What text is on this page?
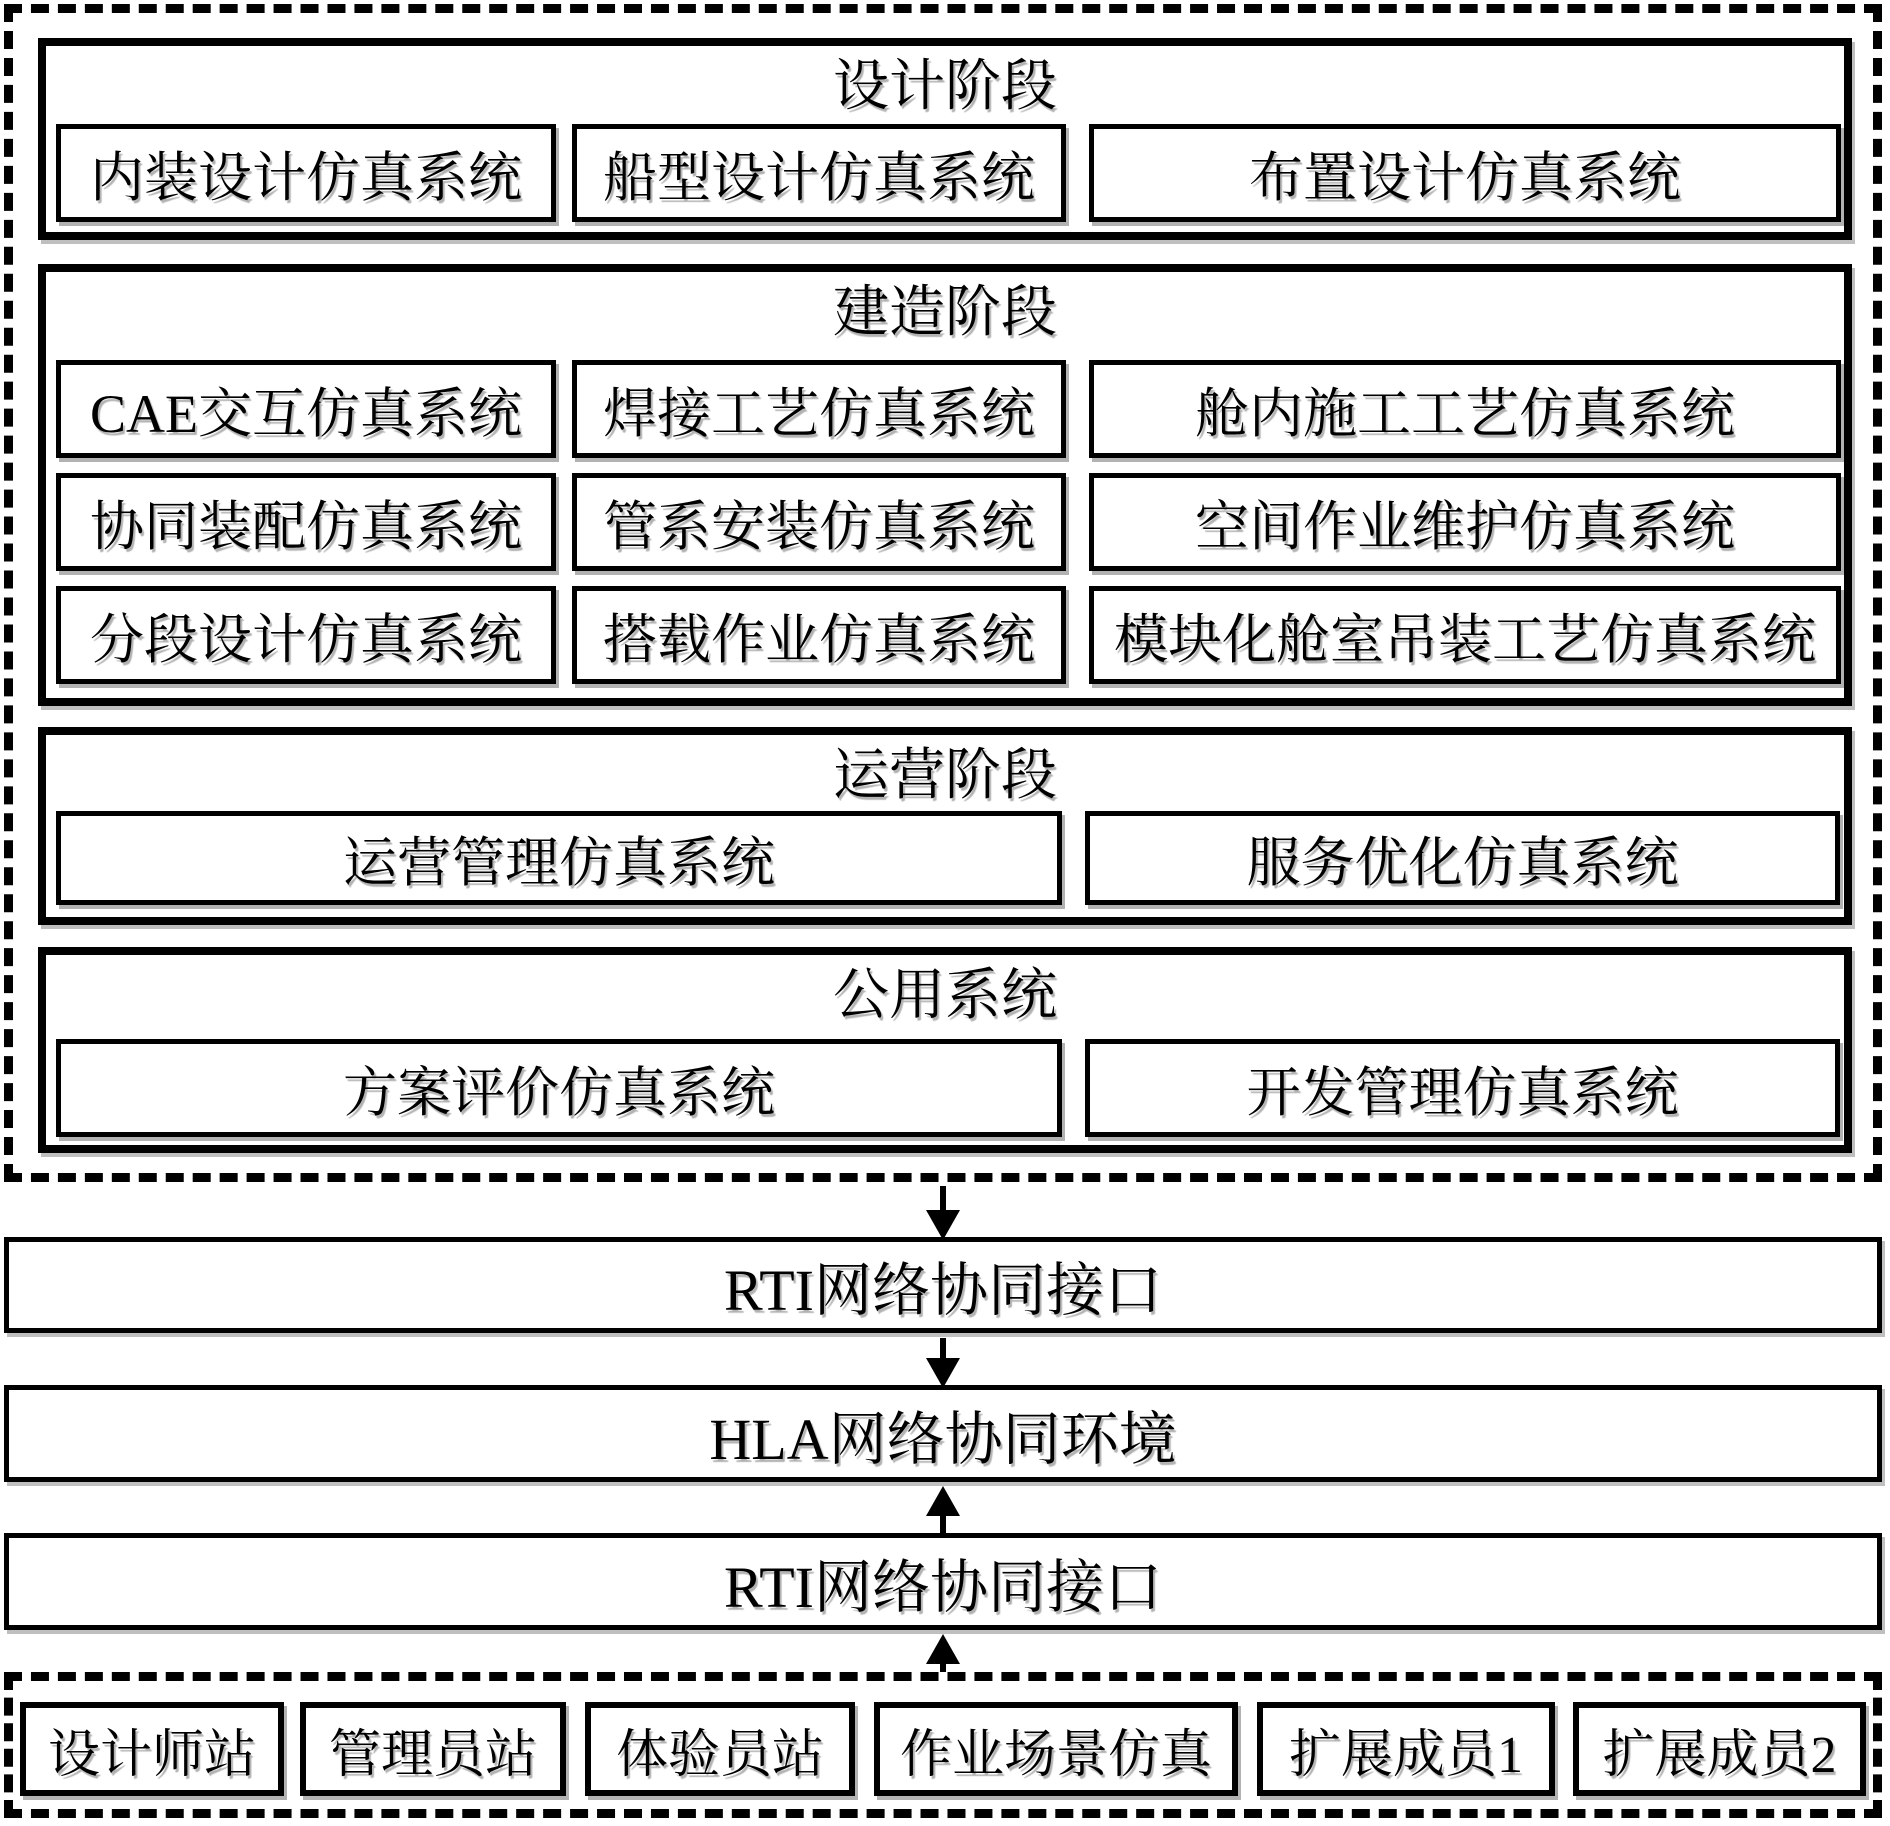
设计阶段
内装设计仿真系统	船型设计仿真系统	布置设计仿真系统
建造阶段
CAE交互仿真系统	焊接工艺仿真系统	舱内施工工艺仿真系统
协同装配仿真系统	管系安装仿真系统	空间作业维护仿真系统
分段设计仿真系统	搭载作业仿真系统	模块化舱室吊装工艺仿真系统
运营阶段
运营管理仿真系统	服务优化仿真系统
公用系统
方案评价仿真系统	开发管理仿真系统
RTI网络协同接口
HLA网络协同环境
RTI网络协同接口
设计师站	管理员站	体验员站	作业场景仿真	扩展成员1	扩展成员2
